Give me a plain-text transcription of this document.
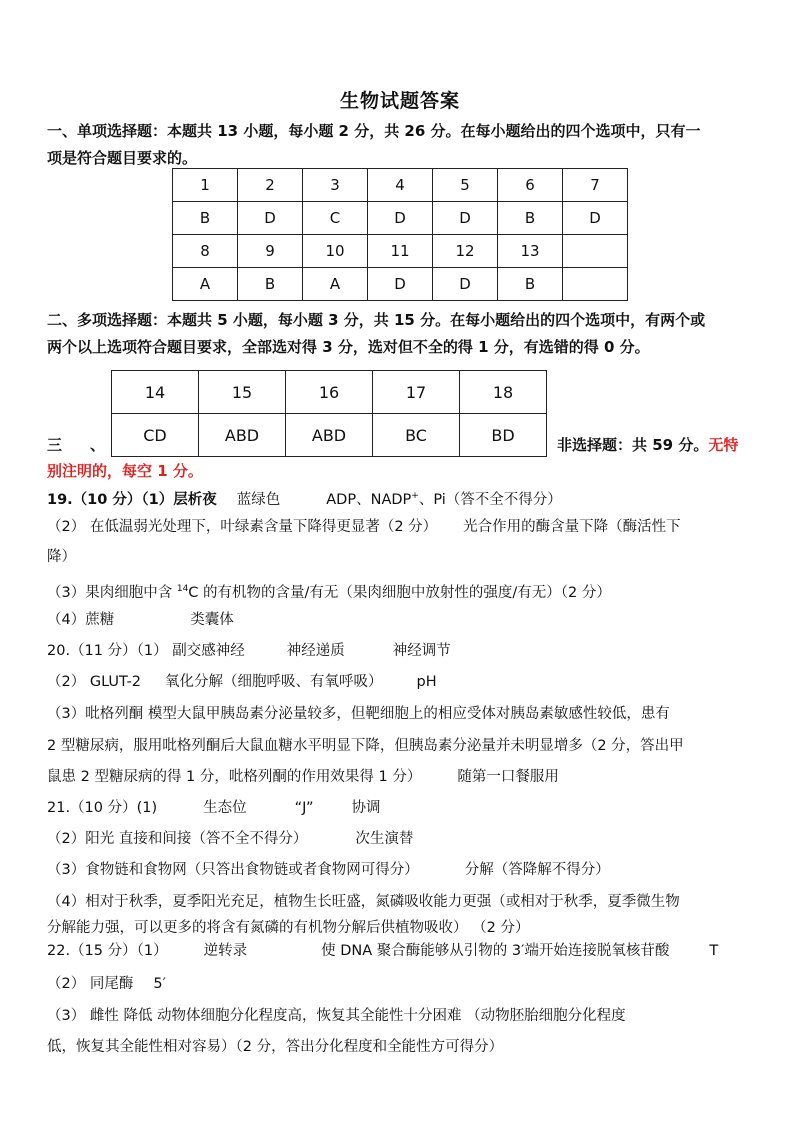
生物试题答案
一、单项选择题：本题共 13 小题，每小题 2 分，共 26 分。在每小题给出的四个选项中，只有一
项是符合题目要求的。
1	2	3	4	5	6	7
B	D	C	D	D	B	D
8	9	10	11	12	13	
A	B	A	D	D	B	
二、多项选择题：本题共 5 小题，每小题 3 分，共 15 分。在每小题给出的四个选项中，有两个或
两个以上选项符合题目要求，全部选对得 3 分，选对但不全的得 1 分，有选错的得 0 分。
14	15	16	17	18
CD	ABD	ABD	BC	BD
三 、	非选择题：共 59 分。无特
别注明的，每空 1 分。
19.（10 分）（1）层析夜 蓝绿色	ADP、NADP+、Pi（答不全不得分）
（2） 在低温弱光处理下，叶绿素含量下降得更显著（2 分） 光合作用的酶含量下降（酶活性下
降）
（3）果肉细胞中含 $^{14}$C 的有机物的含量/有无（果肉细胞中放射性的强度/有无）（2 分）
（4）蔗糖	类囊体
20.（11 分）（1） 副交感神经	神经递质	神经调节
（2） GLUT-2 氧化分解（细胞呼吸、有氧呼吸） pH
（3）吡格列酮 模型大鼠甲胰岛素分泌量较多，但靶细胞上的相应受体对胰岛素敏感性较低，患有
2 型糖尿病，服用吡格列酮后大鼠血糖水平明显下降，但胰岛素分泌量并未明显增多（2 分，答出甲
鼠患 2 型糖尿病的得 1 分，吡格列酮的作用效果得 1 分） 随第一口餐服用
21.（10 分）(1)	生态位	“J”	协调
（2）阳光 直接和间接（答不全不得分）	次生演替
（3）食物链和食物网（只答出食物链或者食物网可得分）	分解（答降解不得分）
（4）相对于秋季，夏季阳光充足，植物生长旺盛，氮磷吸收能力更强（或相对于秋季，夏季微生物
分解能力强，可以更多的将含有氮磷的有机物分解后供植物吸收） （2 分）
22.（15 分）（1） 逆转录	使 DNA 聚合酶能够从引物的 3′端开始连接脱氧核苷酸	T
（2） 同尾酶 5′
（3） 雌性 降低 动物体细胞分化程度高，恢复其全能性十分困难 （动物胚胎细胞分化程度
低，恢复其全能性相对容易）（2 分，答出分化程度和全能性方可得分）
